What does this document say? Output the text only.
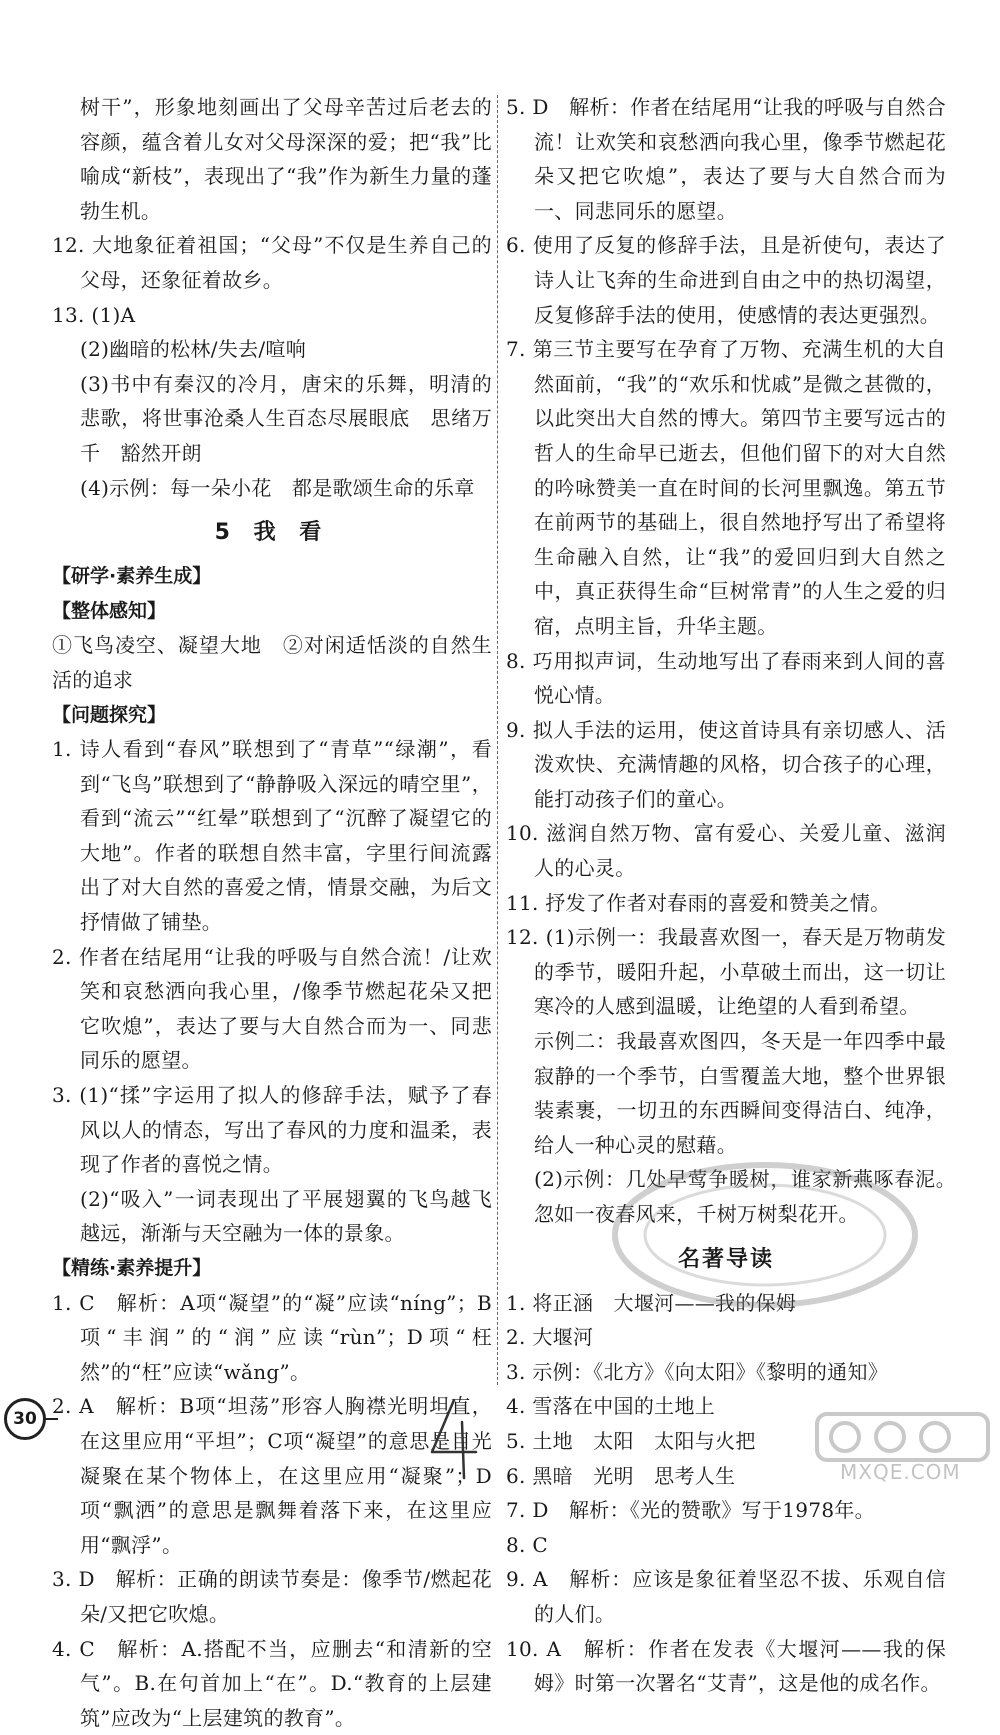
树干”，形象地刻画出了父母辛苦过后老去的容颜，蕴含着儿女对父母深深的爱；把“我”比喻成“新枝”，表现出了“我”作为新生力量的蓬勃生机。

12. 大地象征着祖国；“父母”不仅是生养自己的父母，还象征着故乡。

13. (1)A

(2)幽暗的松林/失去/喧响

(3)书中有秦汉的冷月，唐宋的乐舞，明清的悲歌，将世事沧桑人生百态尽展眼底　思绪万千　豁然开朗

(4)示例：每一朵小花　都是歌颂生命的乐章

5 我 看
【研学·素养生成】
【整体感知】

①飞鸟凌空、凝望大地　②对闲适恬淡的自然生活的追求

【问题探究】

1. 诗人看到“春风”联想到了“青草”“绿潮”，看到“飞鸟”联想到了“静静吸入深远的晴空里”，看到“流云”“红晕”联想到了“沉醉了凝望它的大地”。作者的联想自然丰富，字里行间流露出了对大自然的喜爱之情，情景交融，为后文抒情做了铺垫。

2. 作者在结尾用“让我的呼吸与自然合流！/让欢笑和哀愁洒向我心里，/像季节燃起花朵又把它吹熄”，表达了要与大自然合而为一、同悲同乐的愿望。

3. (1)“揉”字运用了拟人的修辞手法，赋予了春风以人的情态，写出了春风的力度和温柔，表现了作者的喜悦之情。

(2)“吸入”一词表现出了平展翅翼的飞鸟越飞越远，渐渐与天空融为一体的景象。

【精练·素养提升】

1. C　解析：A项“凝望”的“凝”应读“níng”；B项“丰润”的“润”应读“rùn”；D项“枉然”的“枉”应读“wǎng”。

2. A　解析：B项“坦荡”形容人胸襟光明坦直，在这里应用“平坦”；C项“凝望”的意思是目光凝聚在某个物体上，在这里应用“凝聚”；D项“飘洒”的意思是飘舞着落下来，在这里应用“飘浮”。

3. D　解析：正确的朗读节奏是：像季节/燃起花朵/又把它吹熄。

4. C　解析：A.搭配不当，应删去“和清新的空气”。B.在句首加上“在”。D.“教育的上层建筑”应改为“上层建筑的教育”。

5. D　解析：作者在结尾用“让我的呼吸与自然合流！让欢笑和哀愁洒向我心里，像季节燃起花朵又把它吹熄”，表达了要与大自然合而为一、同悲同乐的愿望。

6. 使用了反复的修辞手法，且是祈使句，表达了诗人让飞奔的生命进到自由之中的热切渴望，反复修辞手法的使用，使感情的表达更强烈。

7. 第三节主要写在孕育了万物、充满生机的大自然面前，“我”的“欢乐和忧戚”是微之甚微的，以此突出大自然的博大。第四节主要写远古的哲人的生命早已逝去，但他们留下的对大自然的吟咏赞美一直在时间的长河里飘逸。第五节在前两节的基础上，很自然地抒写出了希望将生命融入自然，让“我”的爱回归到大自然之中，真正获得生命“巨树常青”的人生之爱的归宿，点明主旨，升华主题。

8. 巧用拟声词，生动地写出了春雨来到人间的喜悦心情。

9. 拟人手法的运用，使这首诗具有亲切感人、活泼欢快、充满情趣的风格，切合孩子的心理，能打动孩子们的童心。

10. 滋润自然万物、富有爱心、关爱儿童、滋润人的心灵。

11. 抒发了作者对春雨的喜爱和赞美之情。

12. (1)示例一：我最喜欢图一，春天是万物萌发的季节，暖阳升起，小草破土而出，这一切让寒冷的人感到温暖，让绝望的人看到希望。

示例二：我最喜欢图四，冬天是一年四季中最寂静的一个季节，白雪覆盖大地，整个世界银装素裹，一切丑的东西瞬间变得洁白、纯净，给人一种心灵的慰藉。

(2)示例：几处早莺争暖树，谁家新燕啄春泥。　忽如一夜春风来，千树万树梨花开。

名著导读

1. 将正涵　大堰河——我的保姆

2. 大堰河

3. 示例：《北方》《向太阳》《黎明的通知》

4. 雪落在中国的土地上

5. 土地　太阳　太阳与火把

6. 黑暗　光明　思考人生

7. D　解析：《光的赞歌》写于1978年。

8. C

9. A　解析：应该是象征着坚忍不拔、乐观自信的人们。

10. A　解析：作者在发表《大堰河——我的保姆》时第一次署名“艾青”，这是他的成名作。

30
MXQE.COM
